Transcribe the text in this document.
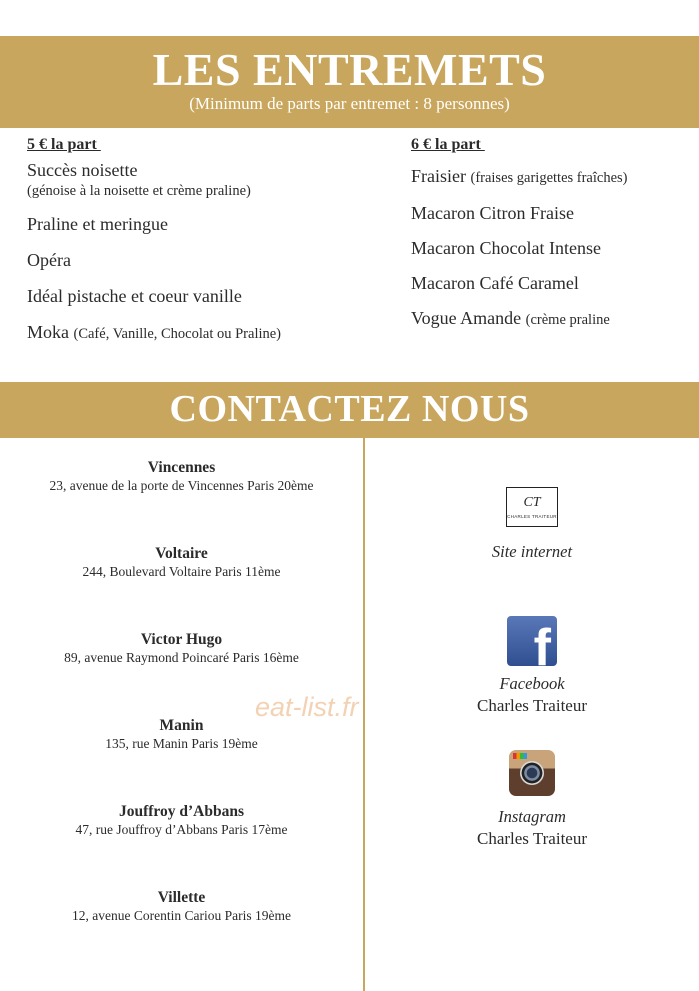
LES ENTREMETS
(Minimum de parts par entremet : 8 personnes)
5 € la part
Succès noisette
(génoise à la noisette et crème praline)
Praline et meringue
Opéra
Idéal pistache et coeur vanille
Moka (Café, Vanille, Chocolat ou Praline)
6 € la part
Fraisier (fraises garigettes fraîches)
Macaron Citron Fraise
Macaron Chocolat Intense
Macaron Café Caramel
Vogue Amande (crème praline
CONTACTEZ NOUS
Vincennes
23, avenue de la porte de Vincennes Paris 20ème
Voltaire
244, Boulevard Voltaire Paris 11ème
Victor Hugo
89, avenue Raymond Poincaré Paris 16ème
Manin
135, rue Manin Paris 19ème
Jouffroy d’Abbans
47, rue Jouffroy d’Abbans Paris 17ème
Villette
12, avenue Corentin Cariou Paris 19ème
CT
CHARLES TRAITEUR
Site internet
f
Facebook
Charles Traiteur
Instagram
Charles Traiteur
eat-list.fr
